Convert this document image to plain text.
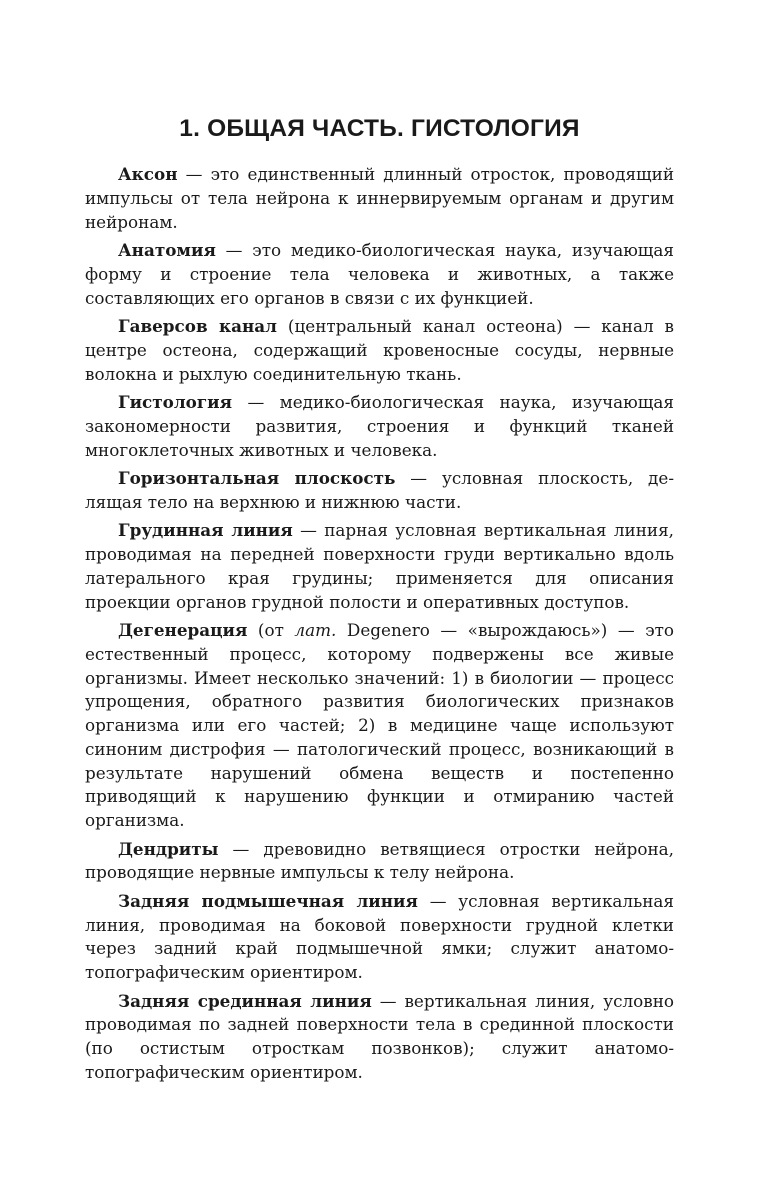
1. ОБЩАЯ ЧАСТЬ. ГИСТОЛОГИЯ

Аксон — это единственный длинный отросток, проводящий импульсы от тела нейрона к иннервируемым органам и другим нейронам.

Анатомия — это медико-биологическая наука, изучающая форму и строение тела человека и животных, а также составляющих его органов в связи с их функцией.

Гаверсов канал (центральный канал остеона) — канал в центре остеона, содержащий кровеносные сосуды, нервные волокна и рыхлую соединительную ткань.

Гистология — медико-биологическая наука, изучающая закономерности развития, строения и функций тканей многоклеточных животных и человека.

Горизонтальная плоскость — условная плоскость, делящая тело на верхнюю и нижнюю части.

Грудинная линия — парная условная вертикальная линия, проводимая на передней поверхности груди вертикально вдоль латерального края грудины; применяется для описания проекции органов грудной полости и оперативных доступов.

Дегенерация (от лат. Degenero — «вырождаюсь») — это естественный процесс, которому подвержены все живые организмы. Имеет несколько значений: 1) в биологии — процесс упрощения, обратного развития биологических признаков организма или его частей; 2) в медицине чаще используют синоним дистрофия — патологический процесс, возникающий в результате нарушений обмена веществ и постепенно приводящий к нарушению функции и отмиранию частей организма.

Дендриты — древовидно ветвящиеся отростки нейрона, проводящие нервные импульсы к телу нейрона.

Задняя подмышечная линия — условная вертикальная линия, проводимая на боковой поверхности грудной клетки через задний край подмышечной ямки; служит анатомо-топографическим ориентиром.

Задняя срединная линия — вертикальная линия, условно проводимая по задней поверхности тела в срединной плоскости (по остистым отросткам позвонков); служит анатомо-топографическим ориентиром.
